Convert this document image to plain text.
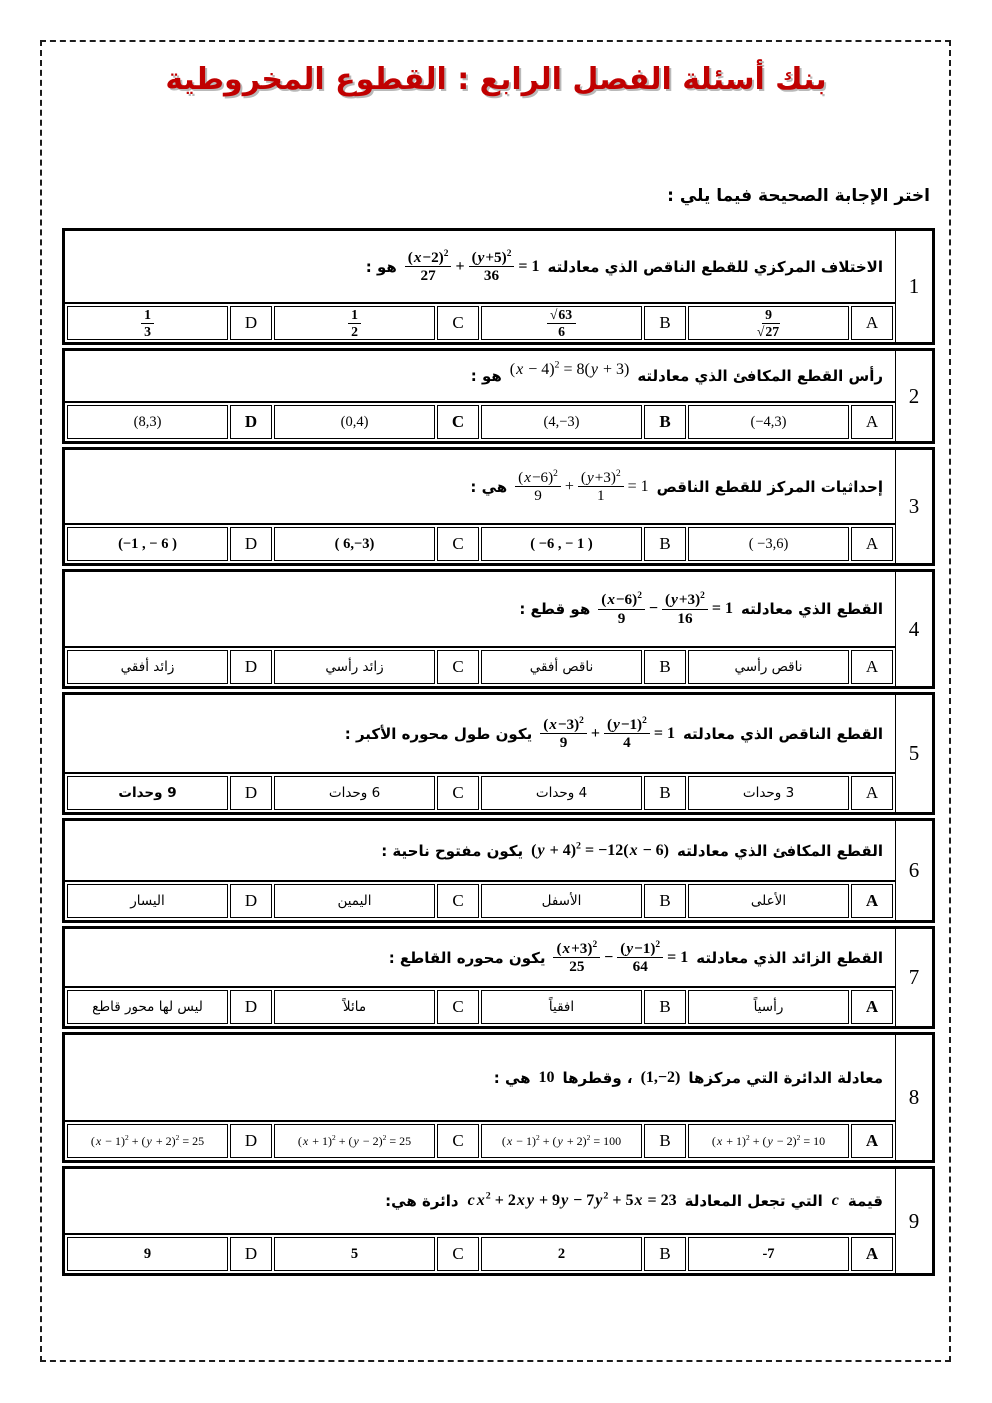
بنك أسئلة الفصل الرابع : القطوع المخروطية
اختر الإجابة الصحيحة فيما يلي :
1
الاختلاف المركزي للقطع الناقص الذي معادلته
$\frac{(x-2)^2}{27} + \frac{(y+5)^2}{36} = 1$
هو :
A
$\frac{9}{√27}$
B
$\frac{√63}{6}$
C
$\frac{1}{2}$
D
$\frac{1}{3}$
2
رأس القطع المكافئ الذي معادلته
$(x - 4)^2 = 8(y + 3)$
هو :
A
(−4,3)
B
(4,−3)
C
(0,4)
D
(8,3)
3
إحداثيات المركز للقطع الناقص
$\frac{(x-6)^2}{9} + \frac{(y+3)^2}{1} = 1$
هي :
A
( −3,6)
B
( −6 , − 1 )
C
( 6,−3)
D
(−1 , − 6 )
4
القطع الذي معادلته
$\frac{(x-6)^2}{9} - \frac{(y+3)^2}{16} = 1$
هو قطع :
A
ناقص رأسي
B
ناقص أفقي
C
زائد رأسي
D
زائد أفقي
5
القطع الناقص الذي معادلته
$\frac{(x-3)^2}{9} + \frac{(y-1)^2}{4} = 1$
يكون طول محوره الأكبر :
A
3 وحدات
B
4 وحدات
C
6 وحدات
D
9 وحدات
6
القطع المكافئ الذي معادلته
$(y + 4)^2 = -12(x - 6)$
يكون مفتوح ناحية :
A
الأعلى
B
الأسفل
C
اليمين
D
اليسار
7
القطع الزائد الذي معادلته
$\frac{(x+3)^2}{25} - \frac{(y-1)^2}{64} = 1$
يكون محوره القاطع :
A
رأسياً
B
افقياً
C
مائلاً
D
ليس لها محور قاطع
8
معادلة الدائرة التي مركزها
(1,−2)
، وقطرها
10
هي :
A
$(x + 1)^2 + (y - 2)^2 = 10$
B
$(x - 1)^2 + (y + 2)^2 = 100$
C
$(x + 1)^2 + (y - 2)^2 = 25$
D
$(x - 1)^2 + (y + 2)^2 = 25$
9
قيمة
c
التي تجعل المعادلة
c $x^2 + 2x$ $y + 9y - 7y^2 + 5x = 23$
دائرة هي:
A
-7
B
2
C
5
D
9
